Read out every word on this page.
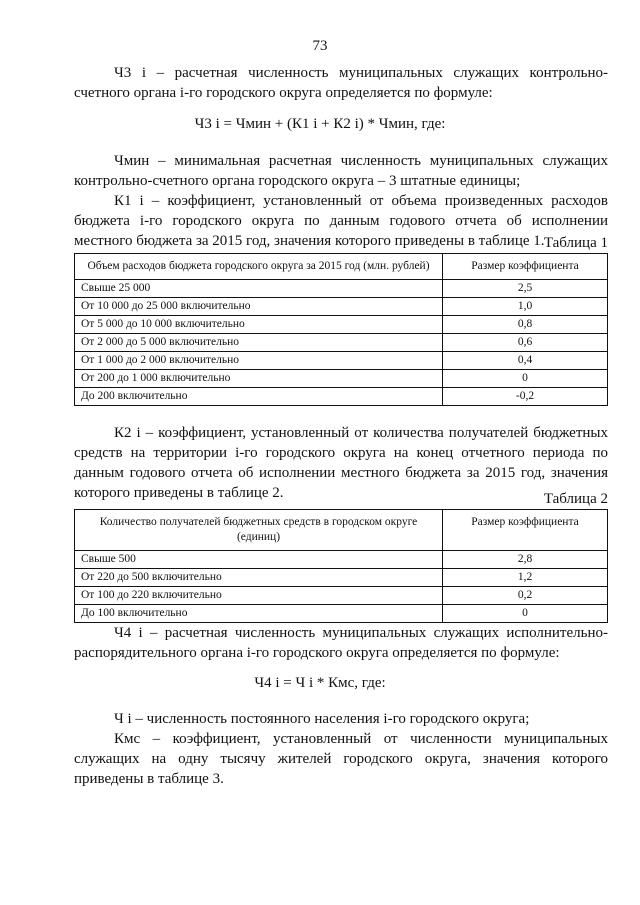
73
Ч3 i – расчетная численность муниципальных служащих контрольно-счетного органа i-го городского округа определяется по формуле:
Ч3 i = Чмин + (К1 i + К2 i) * Чмин, где:
Чмин – минимальная расчетная численность муниципальных служащих контрольно-счетного органа городского округа – 3 штатные единицы;
К1 i – коэффициент, установленный от объема произведенных расходов бюджета i-го городского округа по данным годового отчета об исполнении местного бюджета за 2015 год, значения которого приведены в таблице 1. Таблица 1
Объем расходов бюджета городского округа за 2015 год (млн. рублей)	Размер коэффициента
Свыше 25 000	2,5
От 10 000 до 25 000 включительно	1,0
От 5 000 до 10 000 включительно	0,8
От 2 000 до 5 000 включительно	0,6
От 1 000 до 2 000 включительно	0,4
От 200 до 1 000 включительно	0
До 200 включительно	-0,2
К2 i – коэффициент, установленный от количества получателей бюджетных средств на территории i-го городского округа на конец отчетного периода по данным годового отчета об исполнении местного бюджета за 2015 год, значения которого приведены в таблице 2.	Таблица 2
Количество получателей бюджетных средств в городском округе (единиц)	Размер коэффициента
Свыше 500	2,8
От 220 до 500 включительно	1,2
От 100 до 220 включительно	0,2
До 100 включительно	0
Ч4 i – расчетная численность муниципальных служащих исполнительно-распорядительного органа i-го городского округа определяется по формуле:
Ч4 i = Ч i * Кмс, где:
Ч i – численность постоянного населения i-го городского округа;
Кмс – коэффициент, установленный от численности муниципальных служащих на одну тысячу жителей городского округа, значения которого приведены в таблице 3.
